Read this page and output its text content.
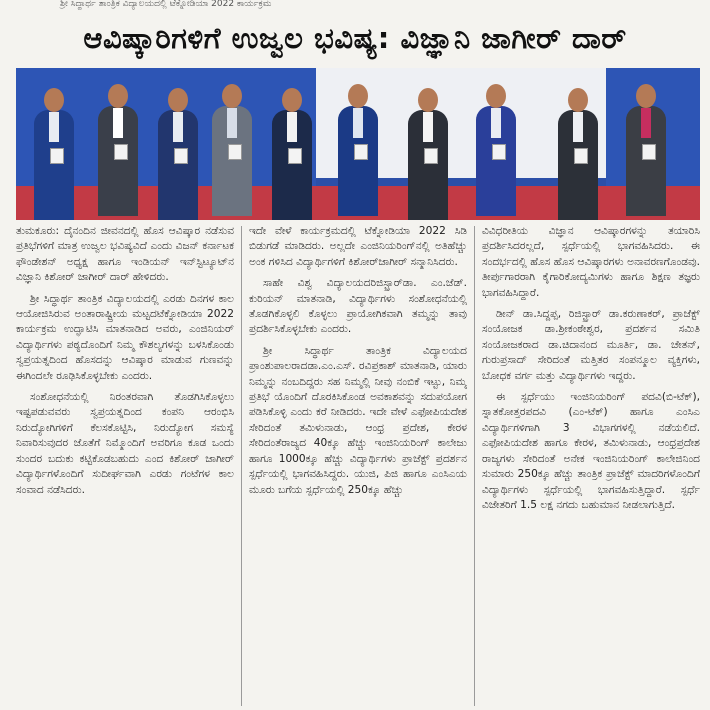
ಶ್ರೀ ಸಿದ್ಧಾರ್ಥ ತಾಂತ್ರಿಕ ವಿದ್ಯಾಲಯದಲ್ಲಿ ಟೆಕ್ನೋಡಿಯಾ 2022 ಕಾರ್ಯಕ್ರಮ
ಆವಿಷ್ಕಾರಿಗಳಿಗೆ ಉಜ್ವಲ ಭವಿಷ್ಯ: ವಿಜ್ಞಾನಿ ಜಾಗೀರ್ ದಾರ್

ತುಮಕೂರು: ದೈನಂದಿನ ಜೀವನದಲ್ಲಿ ಹೊಸ ಆವಿಷ್ಕಾರ ನಡೆಸುವ ಪ್ರತಿಭೆಗಳಿಗೆ ಮಾತ್ರ ಉಜ್ವಲ ಭವಿಷ್ಯವಿದೆ ಎಂದು ವಿಜನ್ ಕರ್ನಾಟಕ ಫೌಂಡೇಶನ್ ಅಧ್ಯಕ್ಷ ಹಾಗೂ ಇಂಡಿಯನ್ ಇನ್‌ಸ್ಟಿಟ್ಯೂಟ್‌ನ ವಿಜ್ಞಾನಿ ಕಿಶೋರ್ ಜಾಗೀರ್ ದಾರ್ ಹೇಳಿದರು.

ಶ್ರೀ ಸಿದ್ಧಾರ್ಥ ತಾಂತ್ರಿಕ ವಿದ್ಯಾಲಯದಲ್ಲಿ ಎರಡು ದಿನಗಳ ಕಾಲ ಆಯೋಜಿಸಿರುವ ಅಂತಾರಾಷ್ಟ್ರೀಯ ಮಟ್ಟದಟೆಕ್ನೋಡಿಯಾ 2022 ಕಾರ್ಯಕ್ರಮ ಉದ್ಘಾಟಿಸಿ ಮಾತನಾಡಿದ ಅವರು, ಎಂಜಿನಿಯರ್ ವಿದ್ಯಾರ್ಥಿಗಳು ಪಠ್ಯದೊಂದಿಗೆ ನಿಮ್ಮ ಕೌಶಲ್ಯಗಳನ್ನು ಬಳಸಿಕೊಂಡು ಸ್ವಪ್ರಯತ್ನದಿಂದ ಹೊಸದನ್ನು ಆವಿಷ್ಕಾರ ಮಾಡುವ ಗುಣವನ್ನು ಈಗಿಂದಲೇ ರೂಢಿಸಿಕೊಳ್ಳಬೇಕು ಎಂದರು.

ಸಂಶೋಧನೆಯಲ್ಲಿ ನಿರಂತರವಾಗಿ ತೊಡಗಿಸಿಕೊಳ್ಳಲು ಇಷ್ಟಪಡುವವರು ಸ್ವಪ್ರಯತ್ನದಿಂದ ಕಂಪನಿ ಆರಂಭಿಸಿ ನಿರುದ್ಯೋಗಿಗಳಿಗೆ ಕೆಲಸಕೊಟ್ಟಿಸಿ, ನಿರುದ್ಯೋಗ ಸಮಸ್ಯೆ ನಿವಾರಿಸುವುದರ ಜೊತೆಗೆ ನಿಮ್ಮೊಂದಿಗೆ ಅವರಿಗೂ ಕೂಡ ಒಂದು ಸುಂದರ ಬದುಕು ಕಟ್ಟಿಕೊಡಬಹುದು ಎಂದ ಕಿಶೋರ್ ಜಾಗೀರ್ ವಿದ್ಯಾರ್ಥಿಗಳೊಂದಿಗೆ ಸುದೀರ್ಘವಾಗಿ ಎರಡು ಗಂಟೆಗಳ ಕಾಲ ಸಂವಾದ ನಡೆಸಿದರು.

ಇದೇ ವೇಳೆ ಕಾರ್ಯಕ್ರಮದಲ್ಲಿ ಟೆಕ್ನೋಡಿಯಾ 2022 ಸಿಡಿ ಬಿಡುಗಡೆ ಮಾಡಿದರು. ಅಲ್ಲದೇ ಎಂಜಿನಿಯರಿಂಗ್‌ನಲ್ಲಿ ಅತಿಹೆಚ್ಚು ಅಂಕ ಗಳಿಸಿದ ವಿದ್ಯಾರ್ಥಿಗಳಿಗೆ ಕಿಶೋರ್‌ಜಾಗೀರ್ ಸನ್ಮಾನಿಸಿದರು.

ಸಾಹೇ ವಿಶ್ವ ವಿದ್ಯಾಲಯದರಿಜಿಸ್ಟ್ರಾರ್‌ಡಾ. ಎಂ.ಜೆಡ್. ಕುರಿಯನ್ ಮಾತನಾಡಿ, ವಿದ್ಯಾರ್ಥಿಗಳು ಸಂಶೋಧನೆಯಲ್ಲಿ ತೊಡಗಿಕೊಳ್ಳಲಿ ಕೊಳ್ಳಲು ಪ್ರಾಯೋಗಿಕವಾಗಿ ತಮ್ಮನ್ನು ತಾವು ಪ್ರದರ್ಶಿಸಿಕೊಳ್ಳಬೇಕು ಎಂದರು.

ಶ್ರೀ ಸಿದ್ಧಾರ್ಥ ತಾಂತ್ರಿಕ ವಿದ್ಯಾಲಯದ ಪ್ರಾಂಶುಪಾಲರಾದಡಾ.ಎಂ.ಎಸ್. ರವಿಪ್ರಕಾಶ್ ಮಾತನಾಡಿ, ಯಾರು ನಿಮ್ಮನ್ನು ನಂಬದಿದ್ದರು ಸಹ ನಿಮ್ಮಲ್ಲಿ ನೀವು ನಂಬಿಕೆ ಇಟ್ಟು, ನಿಮ್ಮ ಪ್ರತಿಭೆ ಯೊಂದಿಗೆ ದೊರಕಿಸಿಕೊಂಡ ಅವಕಾಶವನ್ನು ಸದುಪಯೋಗ ಪಡಿಸಿಕೊಳ್ಳಿ ಎಂದು ಕರೆ ನೀಡಿದರು. ಇದೇ ವೇಳೆ ಎಫೋಪಿಯದೇಶ ಸೇರಿದಂತೆ ತಮಿಳುನಾಡು, ಆಂಧ್ರ ಪ್ರದೇಶ, ಕೇರಳ ಸೇರಿದಂತೆರಾಜ್ಯದ 40ಕ್ಕೂ ಹೆಚ್ಚು ಇಂಜಿನಿಯರಿಂಗ್ ಕಾಲೇಜು ಹಾಗೂ 1000ಕ್ಕೂ ಹೆಚ್ಚು ವಿದ್ಯಾರ್ಥಿಗಳು ಪ್ರಾಜೆಕ್ಟ್ ಪ್ರದರ್ಶನ ಸ್ಪರ್ಧೆಯಲ್ಲಿ ಭಾಗವಹಿಸಿದ್ದರು. ಯುಜಿ, ಪಿಜಿ ಹಾಗೂ ಎಂಸಿಎಯ ಮೂರು ಬಗೆಯ ಸ್ಪರ್ಧೆಯಲ್ಲಿ 250ಕ್ಕೂ ಹೆಚ್ಚು

ವಿವಿಧರೀತಿಯ ವಿಜ್ಞಾನ ಆವಿಷ್ಕಾರಗಳನ್ನು ತಯಾರಿಸಿ ಪ್ರದರ್ಶಿಸಿದರಲ್ಲದೆ, ಸ್ಪರ್ಧೆಯಲ್ಲಿ ಭಾಗವಹಿಸಿದರು. ಈ ಸಂದರ್ಭದಲ್ಲಿ ಹೊಸ ಹೊಸ ಆವಿಷ್ಕಾರಗಳು ಅನಾವರಣಗೊಂಡವು. ತೀರ್ಪುಗಾರರಾಗಿ ಕೈಗಾರಿಕೋದ್ಯಮಿಗಳು ಹಾಗೂ ಶಿಕ್ಷಣ ತಜ್ಞರು ಭಾಗವಹಿಸಿದ್ದಾರೆ.

ಡೀನ್ ಡಾ.ಸಿದ್ದಪ್ಪ, ರಿಜಿಸ್ಟ್ರಾರ್ ಡಾ.ಕರುಣಾಕರ್, ಪ್ರಾಜೆಕ್ಟ್ ಸಂಯೋಜಕ ಡಾ.ಶ್ರೀಕಂಠೇಶ್ವರ, ಪ್ರದರ್ಶನ ಸಮಿತಿ ಸಂಯೋಜಕರಾದ ಡಾ.ಚಿದಾನಂದ ಮೂರ್ತಿ, ಡಾ. ಚೇತನ್, ಗುರುಪ್ರಸಾದ್ ಸೇರಿದಂತೆ ಮತ್ತಿತರ ಸಂಪನ್ಮೂಲ ವ್ಯಕ್ತಿಗಳು, ಬೋಧಕ ವರ್ಗ ಮತ್ತು ವಿದ್ಯಾರ್ಥಿಗಳು ಇದ್ದರು.

ಈ ಸ್ಪರ್ಧೆಯು ಇಂಜಿನಿಯರಿಂಗ್ ಪದವಿ(ಬಿ-ಟೆಕ್), ಸ್ನಾತಕೋತ್ತರಪದವಿ (ಎಂ-ಟೆಕ್) ಹಾಗೂ ಎಂಸಿಎ ವಿದ್ಯಾರ್ಥಿಗಳಿಗಾಗಿ 3 ವಿಭಾಗಗಳಲ್ಲಿ ನಡೆಯಲಿದೆ. ಎಫೋಪಿಯದೇಶ ಹಾಗೂ ಕೇರಳ, ತಮಿಳುನಾಡು, ಆಂಧ್ರಪ್ರದೇಶ ರಾಜ್ಯಗಳು ಸೇರಿದಂತೆ ಅನೇಕ ಇಂಜಿನಿಯರಿಂಗ್ ಕಾಲೇಜಿನಿಂದ ಸುಮಾರು 250ಕ್ಕೂ ಹೆಚ್ಚು ತಾಂತ್ರಿಕ ಪ್ರಾಜೆಕ್ಟ್ ಮಾದರಿಗಳೊಂದಿಗೆ ವಿದ್ಯಾರ್ಥಿಗಳು ಸ್ಪರ್ಧೆಯಲ್ಲಿ ಭಾಗವಹಿಸುತ್ತಿದ್ದಾರೆ. ಸ್ಪರ್ಧೆ ವಿಜೇತರಿಗೆ 1.5 ಲಕ್ಷ ನಗದು ಬಹುಮಾನ ನೀಡಲಾಗುತ್ತಿದೆ.
